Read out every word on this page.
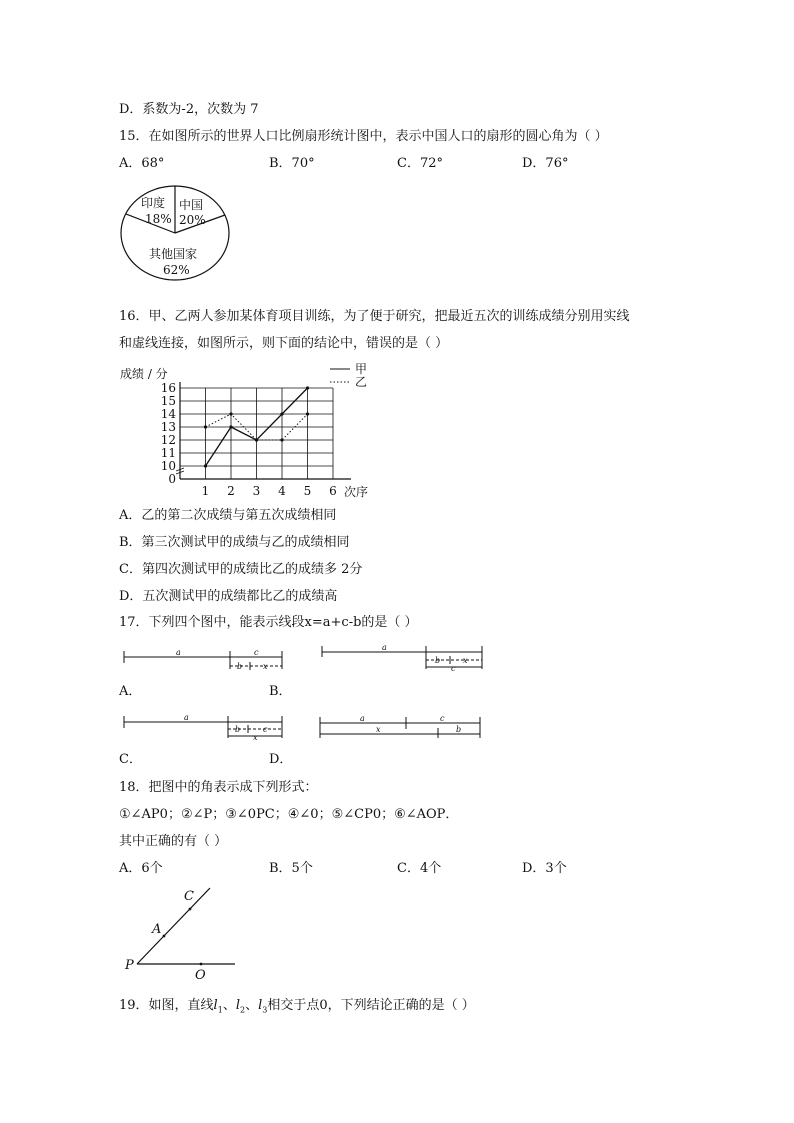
D．系数为-2，次数为 7
15．在如图所示的世界人口比例扇形统计图中，表示中国人口的扇形的圆心角为（ ）
A．68°	B．70°	C．72°	D．76°
印度
18%
中国
20%
其他国家
62%
16．甲、乙两人参加某体育项目训练，为了便于研究，把最近五次的训练成绩分别用实线
和虚线连接，如图所示，则下面的结论中，错误的是（ ）
成绩 / 分
0
10
11
12
13
14
15
16
1 2 3 4 5 6 次序
甲
乙
A．乙的第二次成绩与第五次成绩相同
B．第三次测试甲的成绩与乙的成绩相同
C．第四次测试甲的成绩比乙的成绩多 2分
D．五次测试甲的成绩都比乙的成绩高
17．下列四个图中，能表示线段x=a+c-b的是（ ）
a	c
b	x
a
b	x
c
A．	B．
a
b	c
x
a	c
x	b
C．	D．
18．把图中的角表示成下列形式：
①∠AP0；②∠P；③∠0PC；④∠0；⑤∠CP0；⑥∠AOP．
其中正确的有（ ）
A．6个	B．5个	C．4个	D．3个
C
A
P
O
19．如图，直线$l_1$、$l_2$、$l_3$相交于点0，下列结论正确的是（ ）
